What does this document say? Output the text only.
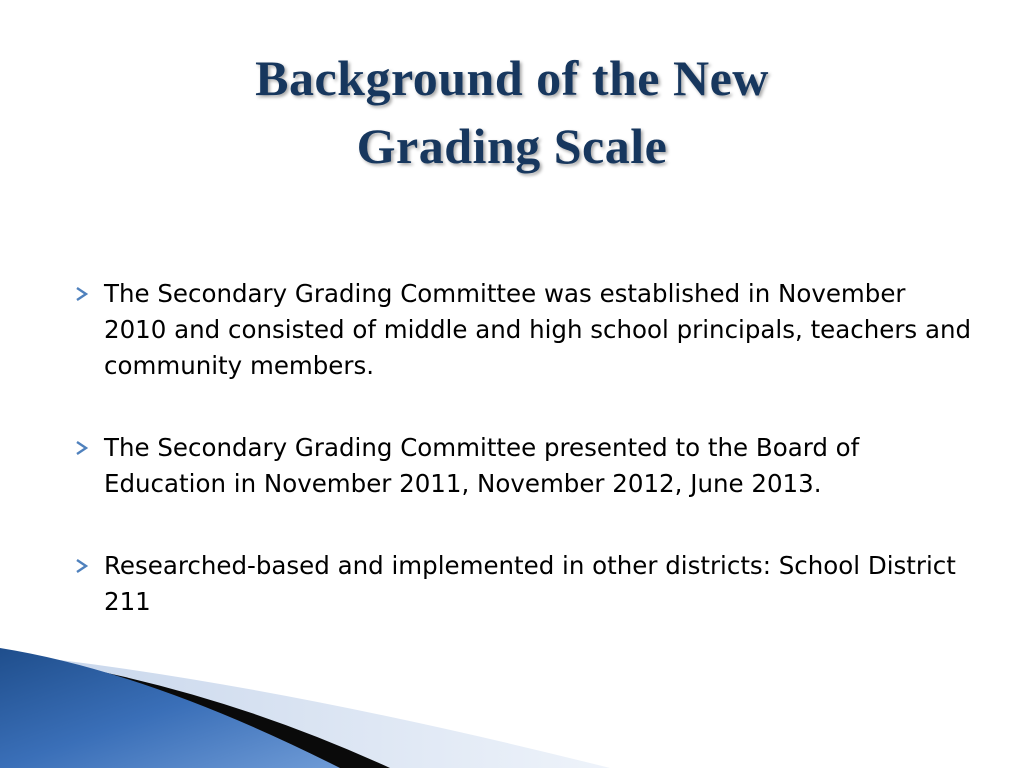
Background of the New
Grading Scale
The Secondary Grading Committee was established in November 2010 and consisted of middle and high school principals, teachers and community members.
The Secondary Grading Committee presented to the Board of Education in November 2011, November 2012, June 2013.
Researched-based and implemented in other districts: School District 211
